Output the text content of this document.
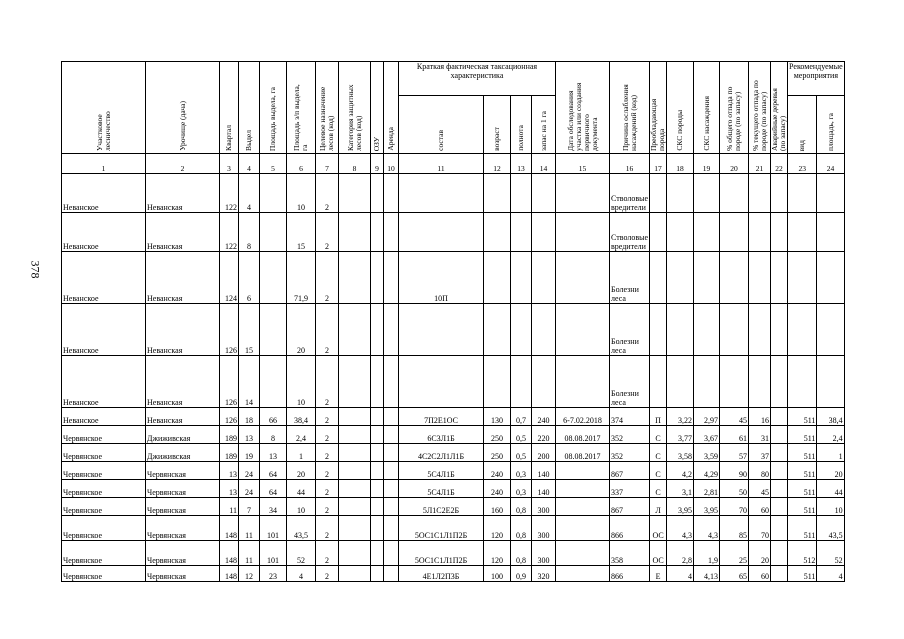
378
Участковое лесничество	Урочище (дача)	Квартал	Выдел	Площадь выдела, га	Площадь з/п выдела, га	Целевое назначение лесов (код)	Категория защитных лесов (код)	ОЗУ	Аренда	Краткая фактическая таксационная характеристика				Дата обследования участка или создания первичного документа	Причина ослабления насаждений (код)	Преобладающая порода	СКС породы	СКС насаждения	% общего отпада по породе (по запасу)	% текущего отпада по породе (по запасу)	Аварийные деревья (по запасу)	Рекомендуемые мероприятия	

										состав	возраст	полнота	запас на 1 га									вид	площадь, га
1	2	3	4	5	6	7	8	9	10	11	12	13	14	15	16	17	18	19	20	21	22	23	24
Неванское	Неванская	122	4		10	2									Стволовые вредители								
Неванское	Неванская	122	8		15	2									Стволовые вредители								
Неванское	Неванская	124	6		71,9	2				10П					Болезни леса								
Неванское	Неванская	126	15		20	2									Болезни леса								
Неванское	Неванская	126	14		10	2									Болезни леса								
Неванское	Неванская	126	18	66	38,4	2				7П2Е1ОС	130	0,7	240	6-7.02.2018	374	П	3,22	2,97	45	16		511	38,4
Червянское	Джиживская	189	13	8	2,4	2				6С3Л1Б	250	0,5	220	08.08.2017	352	С	3,77	3,67	61	31		511	2,4
Червянское	Джиживская	189	19	13	1	2				4С2С2Л1Л1Б	250	0,5	200	08.08.2017	352	С	3,58	3,59	57	37		511	1
Червянское	Червянская	13	24	64	20	2				5С4Л1Б	240	0,3	140		867	С	4,2	4,29	90	80		511	20
Червянское	Червянская	13	24	64	44	2				5С4Л1Б	240	0,3	140		337	С	3,1	2,81	50	45		511	44
Червянское	Червянская	11	7	34	10	2				5Л1С2Е2Б	160	0,8	300		867	Л	3,95	3,95	70	60		511	10
Червянское	Червянская	148	11	101	43,5	2				5ОС1С1Л1П2Б	120	0,8	300		866	ОС	4,3	4,3	85	70		511	43,5
Червянское	Червянская	148	11	101	52	2				5ОС1С1Л1П2Б	120	0,8	300		358	ОС	2,8	1,9	25	20		512	52
Червянское	Червянская	148	12	23	4	2				4Е1Л2П3Б	100	0,9	320		866	Е	4	4,13	65	60		511	4
